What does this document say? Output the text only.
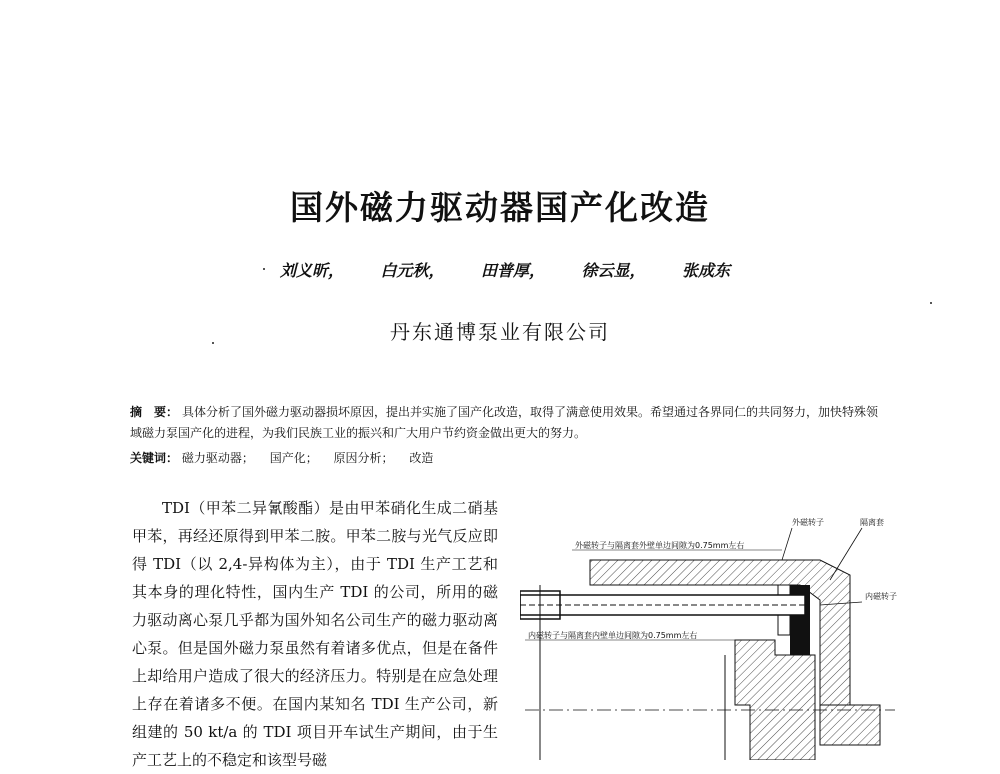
国外磁力驱动器国产化改造
刘义昕， 白元秋， 田普厚， 徐云显， 张成东
丹东通博泵业有限公司
摘　要： 具体分析了国外磁力驱动器损坏原因，提出并实施了国产化改造，取得了满意使用效果。希望通过各界同仁的共同努力，加快特殊领域磁力泵国产化的进程，为我们民族工业的振兴和广大用户节约资金做出更大的努力。
关键词： 磁力驱动器； 国产化； 原因分析； 改造

TDI（甲苯二异氰酸酯）是由甲苯硝化生成二硝基甲苯，再经还原得到甲苯二胺。甲苯二胺与光气反应即得 TDI（以 2,4-异构体为主），由于 TDI 生产工艺和其本身的理化特性，国内生产 TDI 的公司，所用的磁力驱动离心泵几乎都为国外知名公司生产的磁力驱动离心泵。但是国外磁力泵虽然有着诸多优点，但是在备件上却给用户造成了很大的经济压力。特别是在应急处理上存在着诸多不便。在国内某知名 TDI 生产公司，新组建的 50 kt/a 的 TDI 项目开车试生产期间，由于生产工艺上的不稳定和该型号磁

外磁转子	隔离套
内磁转子
外磁转子与隔离套外壁单边间隙为0.75mm左右
内磁转子与隔离套内壁单边间隙为0.75mm左右
